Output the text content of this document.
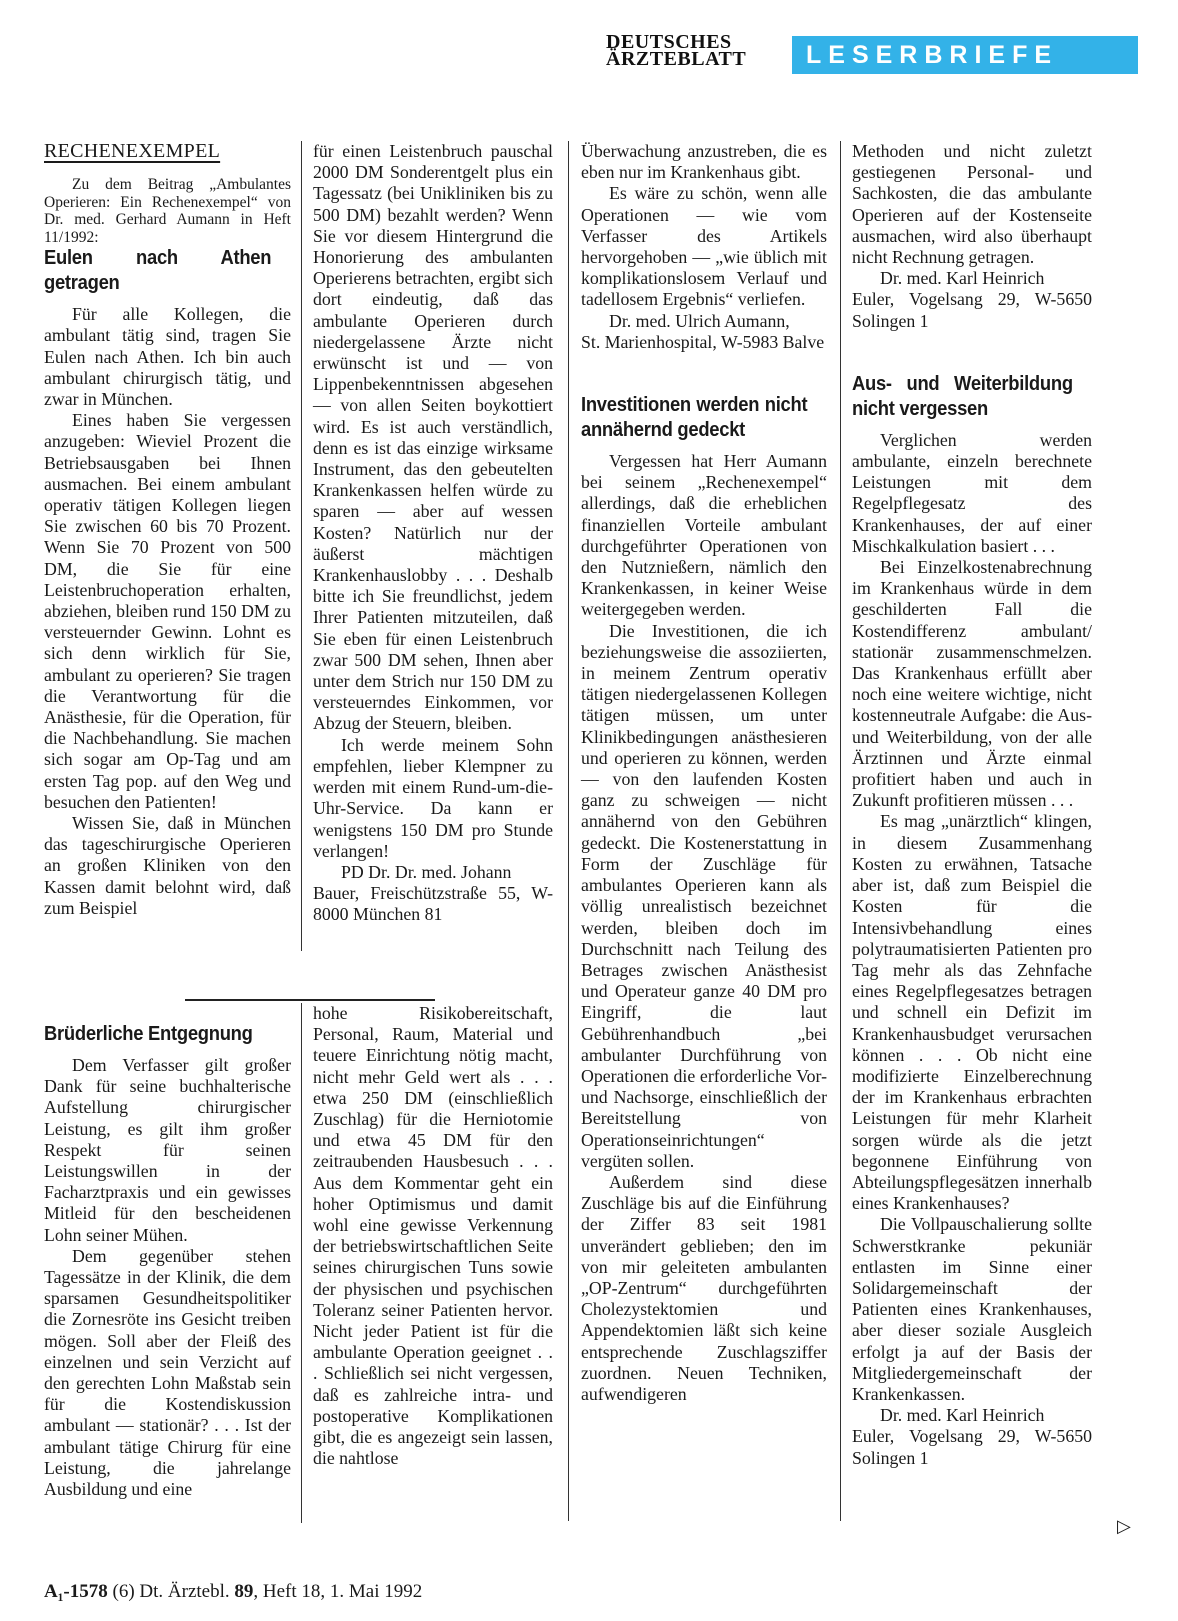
DEUTSCHES
ÄRZTEBLATT	LESERBRIEFE
RECHENEXEMPEL

Zu dem Beitrag „Ambulantes Operieren: Ein Rechenexempel“ von Dr. med. Gerhard Aumann in Heft 11/1992:

Eulen nach Athen getragen

Für alle Kollegen, die ambulant tätig sind, tragen Sie Eulen nach Athen. Ich bin auch ambulant chirurgisch tätig, und zwar in München.

Eines haben Sie vergessen anzugeben: Wieviel Prozent die Betriebsausgaben bei Ihnen ausmachen. Bei einem ambulant operativ tätigen Kollegen liegen Sie zwischen 60 bis 70 Prozent. Wenn Sie 70 Prozent von 500 DM, die Sie für eine Leistenbruchoperation erhalten, abziehen, bleiben rund 150 DM zu versteuernder Gewinn. Lohnt es sich denn wirklich für Sie, ambulant zu operieren? Sie tragen die Verantwortung für die Anästhesie, für die Operation, für die Nachbehandlung. Sie machen sich sogar am Op-Tag und am ersten Tag pop. auf den Weg und besuchen den Patienten!

Wissen Sie, daß in München das tageschirurgische Operieren an großen Kliniken von den Kassen damit belohnt wird, daß zum Beispiel

für einen Leistenbruch pauschal 2000 DM Sonderentgelt plus ein Tagessatz (bei Unikliniken bis zu 500 DM) bezahlt werden? Wenn Sie vor diesem Hintergrund die Honorierung des ambulanten Operierens betrachten, ergibt sich dort eindeutig, daß das ambulante Operieren durch niedergelassene Ärzte nicht erwünscht ist und — von Lippenbekenntnissen abgesehen — von allen Seiten boykottiert wird. Es ist auch verständlich, denn es ist das einzige wirksame Instrument, das den gebeutelten Krankenkassen helfen würde zu sparen — aber auf wessen Kosten? Natürlich nur der äußerst mächtigen Krankenhauslobby . . . Deshalb bitte ich Sie freundlichst, jedem Ihrer Patienten mitzuteilen, daß Sie eben für einen Leistenbruch zwar 500 DM sehen, Ihnen aber unter dem Strich nur 150 DM zu versteuerndes Einkommen, vor Abzug der Steuern, bleiben.

Ich werde meinem Sohn empfehlen, lieber Klempner zu werden mit einem Rund-um-die-Uhr-Service. Da kann er wenigstens 150 DM pro Stunde verlangen!

PD Dr. Dr. med. Johann

Bauer, Freischützstraße 55, W-8000 München 81

Brüderliche Entgegnung

Dem Verfasser gilt großer Dank für seine buchhalterische Aufstellung chirurgischer Leistung, es gilt ihm großer Respekt für seinen Leistungswillen in der Facharztpraxis und ein gewisses Mitleid für den bescheidenen Lohn seiner Mühen.

Dem gegenüber stehen Tagessätze in der Klinik, die dem sparsamen Gesundheitspolitiker die Zornesröte ins Gesicht treiben mögen. Soll aber der Fleiß des einzelnen und sein Verzicht auf den gerechten Lohn Maßstab sein für die Kostendiskussion ambulant — stationär? . . . Ist der ambulant tätige Chirurg für eine Leistung, die jahrelange Ausbildung und eine

hohe Risikobereitschaft, Personal, Raum, Material und teuere Einrichtung nötig macht, nicht mehr Geld wert als . . . etwa 250 DM (einschließlich Zuschlag) für die Herniotomie und etwa 45 DM für den zeitraubenden Hausbesuch . . . Aus dem Kommentar geht ein hoher Optimismus und damit wohl eine gewisse Verkennung der betriebswirtschaftlichen Seite seines chirurgischen Tuns sowie der physischen und psychischen Toleranz seiner Patienten hervor. Nicht jeder Patient ist für die ambulante Operation geeignet . . . Schließlich sei nicht vergessen, daß es zahlreiche intra- und postoperative Komplikationen gibt, die es angezeigt sein lassen, die nahtlose

Überwachung anzustreben, die es eben nur im Krankenhaus gibt.

Es wäre zu schön, wenn alle Operationen — wie vom Verfasser des Artikels hervorgehoben — „wie üblich mit komplikationslosem Verlauf und tadellosem Ergebnis“ verliefen.

Dr. med. Ulrich Aumann,

St. Marienhospital, W-5983 Balve

Investitionen werden nicht annähernd gedeckt

Vergessen hat Herr Aumann bei seinem „Rechenexempel“ allerdings, daß die erheblichen finanziellen Vorteile ambulant durchgeführter Operationen von den Nutznießern, nämlich den Krankenkassen, in keiner Weise weitergegeben werden.

Die Investitionen, die ich beziehungsweise die assoziierten, in meinem Zentrum operativ tätigen niedergelassenen Kollegen tätigen müssen, um unter Klinikbedingungen anästhesieren und operieren zu können, werden — von den laufenden Kosten ganz zu schweigen — nicht annähernd von den Gebühren gedeckt. Die Kostenerstattung in Form der Zuschläge für ambulantes Operieren kann als völlig unrealistisch bezeichnet werden, bleiben doch im Durchschnitt nach Teilung des Betrages zwischen Anästhesist und Operateur ganze 40 DM pro Eingriff, die laut Gebührenhandbuch „bei ambulanter Durchführung von Operationen die erforderliche Vor- und Nachsorge, einschließlich der Bereitstellung von Operationseinrichtungen“ vergüten sollen.

Außerdem sind diese Zuschläge bis auf die Einführung der Ziffer 83 seit 1981 unverändert geblieben; den im von mir geleiteten ambulanten „OP-Zentrum“ durchgeführten Cholezystektomien und Appendektomien läßt sich keine entsprechende Zuschlagsziffer zuordnen. Neuen Techniken, aufwendigeren

Methoden und nicht zuletzt gestiegenen Personal- und Sachkosten, die das ambulante Operieren auf der Kostenseite ausmachen, wird also überhaupt nicht Rechnung getragen.

Dr. med. Karl Heinrich

Euler, Vogelsang 29, W-5650 Solingen 1

Aus- und Weiterbildung nicht vergessen

Verglichen werden ambulante, einzeln berechnete Leistungen mit dem Regelpflegesatz des Krankenhauses, der auf einer Mischkalkulation basiert . . .

Bei Einzelkostenabrechnung im Krankenhaus würde in dem geschilderten Fall die Kostendifferenz ambulant/ stationär zusammenschmelzen. Das Krankenhaus erfüllt aber noch eine weitere wichtige, nicht kostenneutrale Aufgabe: die Aus- und Weiterbildung, von der alle Ärztinnen und Ärzte einmal profitiert haben und auch in Zukunft profitieren müssen . . .

Es mag „unärztlich“ klingen, in diesem Zusammenhang Kosten zu erwähnen, Tatsache aber ist, daß zum Beispiel die Kosten für die Intensivbehandlung eines polytraumatisierten Patienten pro Tag mehr als das Zehnfache eines Regelpflegesatzes betragen und schnell ein Defizit im Krankenhausbudget verursachen können . . . Ob nicht eine modifizierte Einzelberechnung der im Krankenhaus erbrachten Leistungen für mehr Klarheit sorgen würde als die jetzt begonnene Einführung von Abteilungspflegesätzen innerhalb eines Krankenhauses?

Die Vollpauschalierung sollte Schwerstkranke pekuniär entlasten im Sinne einer Solidargemeinschaft der Patienten eines Krankenhauses, aber dieser soziale Ausgleich erfolgt ja auf der Basis der Mitgliedergemeinschaft der Krankenkassen.

Dr. med. Karl Heinrich

Euler, Vogelsang 29, W-5650 Solingen 1

▷
A₁-1578 (6) Dt. Ärztebl. 89, Heft 18, 1. Mai 1992
